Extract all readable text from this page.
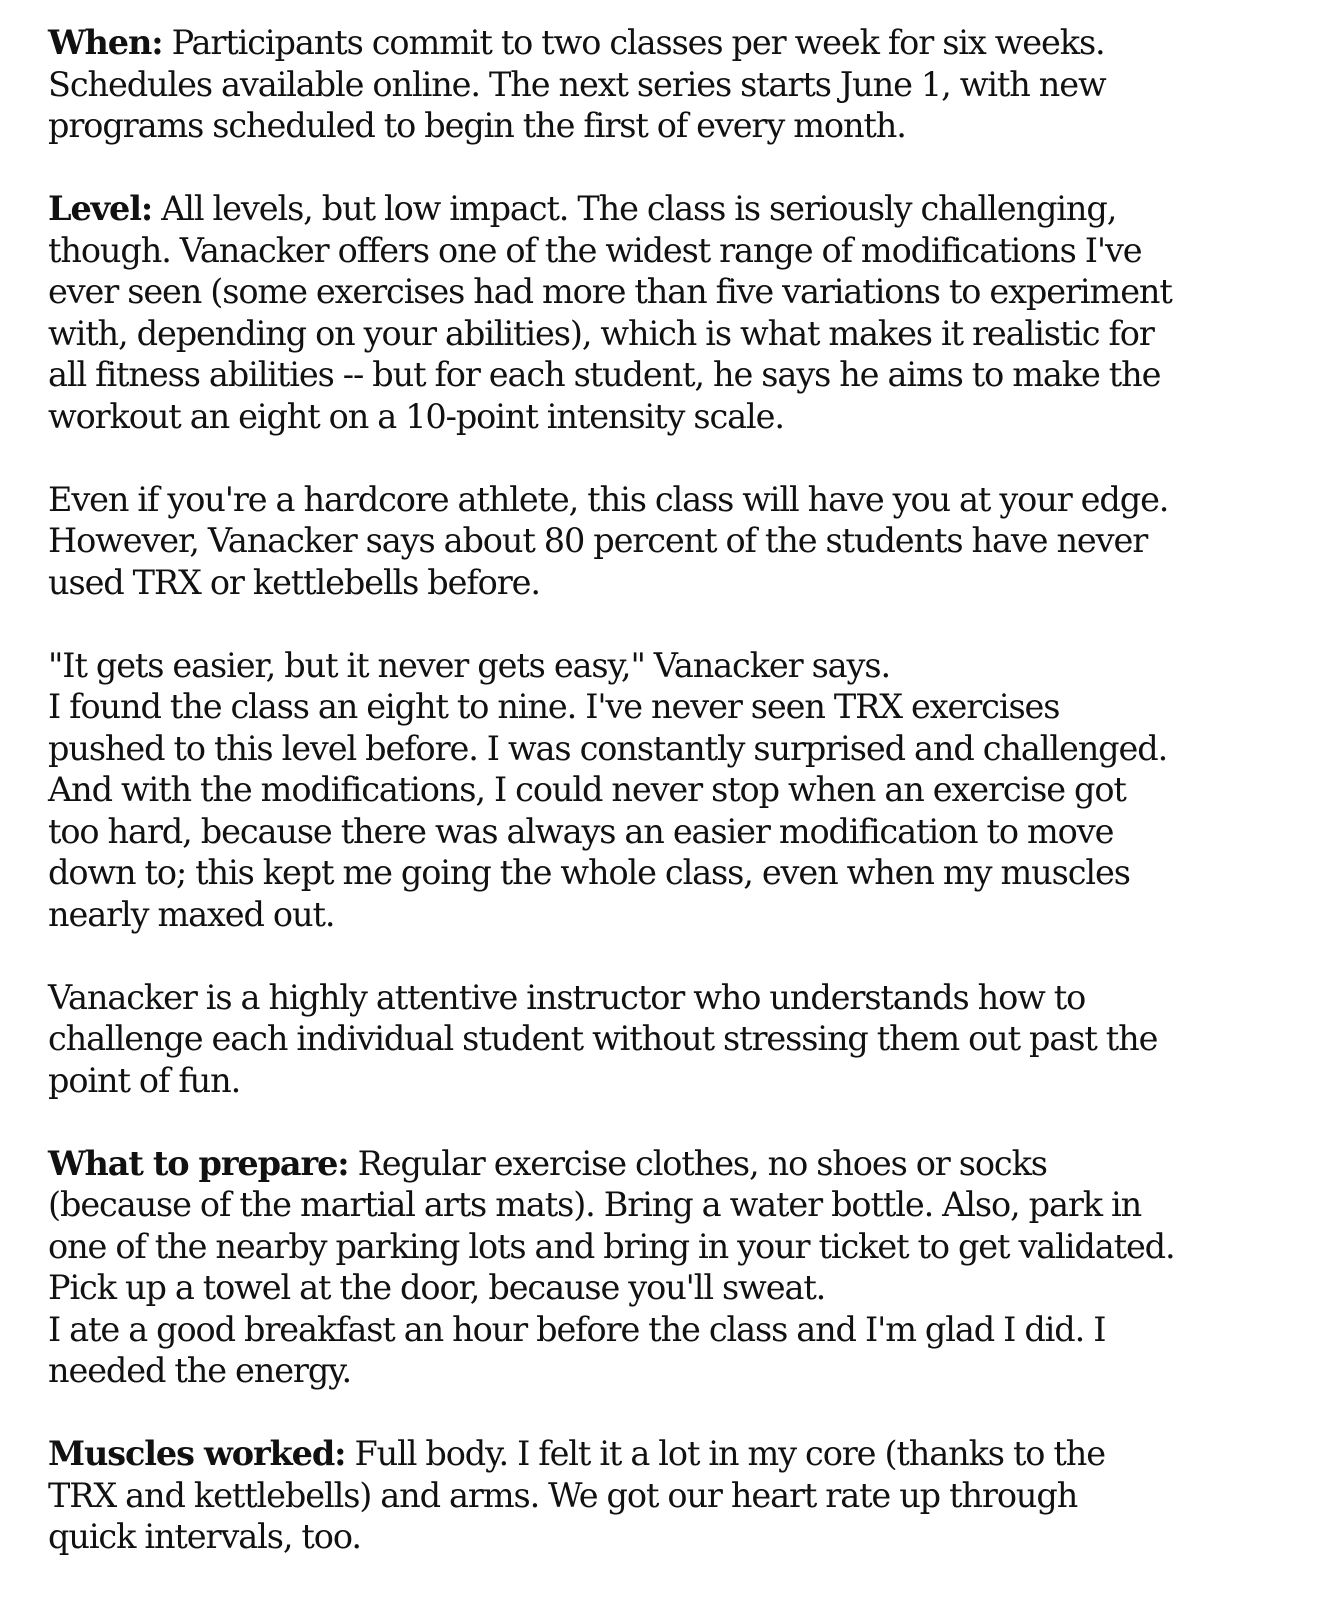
When: Participants commit to two classes per week for six weeks.
Schedules available online. The next series starts June 1, with new
programs scheduled to begin the first of every month.
Level: All levels, but low impact. The class is seriously challenging,
though. Vanacker offers one of the widest range of modifications I've
ever seen (some exercises had more than five variations to experiment
with, depending on your abilities), which is what makes it realistic for
all fitness abilities -- but for each student, he says he aims to make the
workout an eight on a 10-point intensity scale.
Even if you're a hardcore athlete, this class will have you at your edge.
However, Vanacker says about 80 percent of the students have never
used TRX or kettlebells before.
"It gets easier, but it never gets easy," Vanacker says.
I found the class an eight to nine. I've never seen TRX exercises
pushed to this level before. I was constantly surprised and challenged.
And with the modifications, I could never stop when an exercise got
too hard, because there was always an easier modification to move
down to; this kept me going the whole class, even when my muscles
nearly maxed out.
Vanacker is a highly attentive instructor who understands how to
challenge each individual student without stressing them out past the
point of fun.
What to prepare: Regular exercise clothes, no shoes or socks
(because of the martial arts mats). Bring a water bottle. Also, park in
one of the nearby parking lots and bring in your ticket to get validated.
Pick up a towel at the door, because you'll sweat.
I ate a good breakfast an hour before the class and I'm glad I did. I
needed the energy.
Muscles worked: Full body. I felt it a lot in my core (thanks to the
TRX and kettlebells) and arms. We got our heart rate up through
quick intervals, too.
